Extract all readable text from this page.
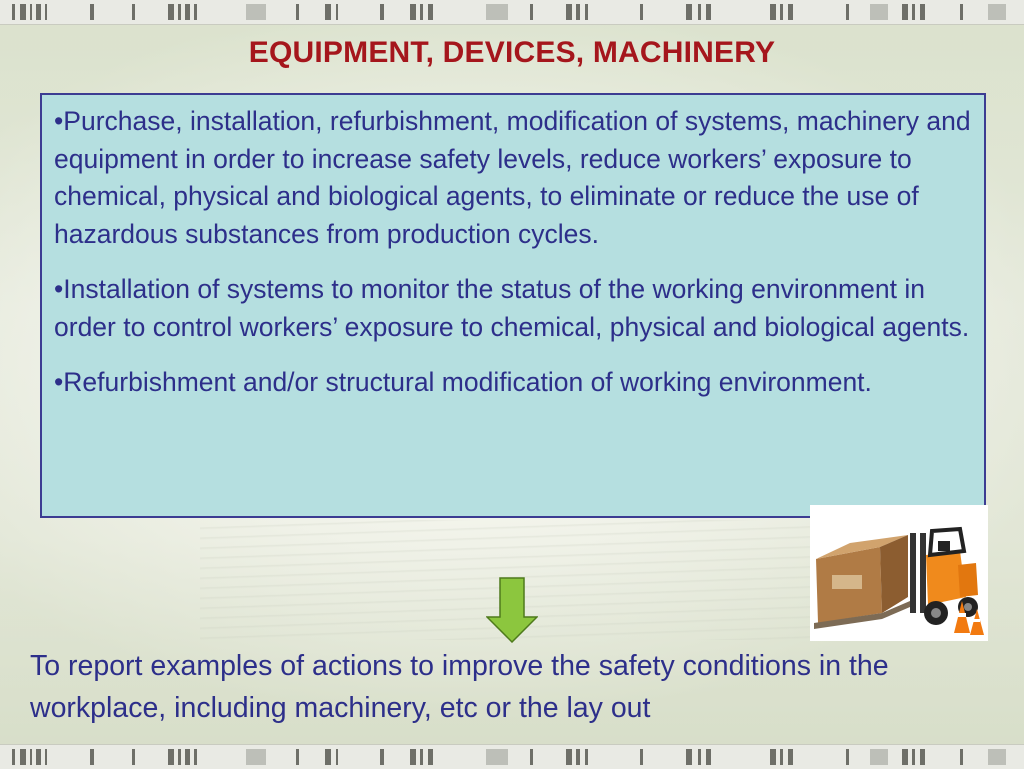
EQUIPMENT, DEVICES, MACHINERY

•Purchase, installation, refurbishment, modification of systems, machinery and equipment in order to increase safety levels, reduce workers’ exposure to chemical, physical and biological agents, to eliminate or reduce the use of hazardous substances from production cycles.

•Installation of systems to monitor the status of the working environment in order to control workers’ exposure to chemical, physical and biological agents.

•Refurbishment and/or structural modification of working environment.

To report examples of actions to improve the safety conditions in the workplace, including machinery, etc or the lay out
